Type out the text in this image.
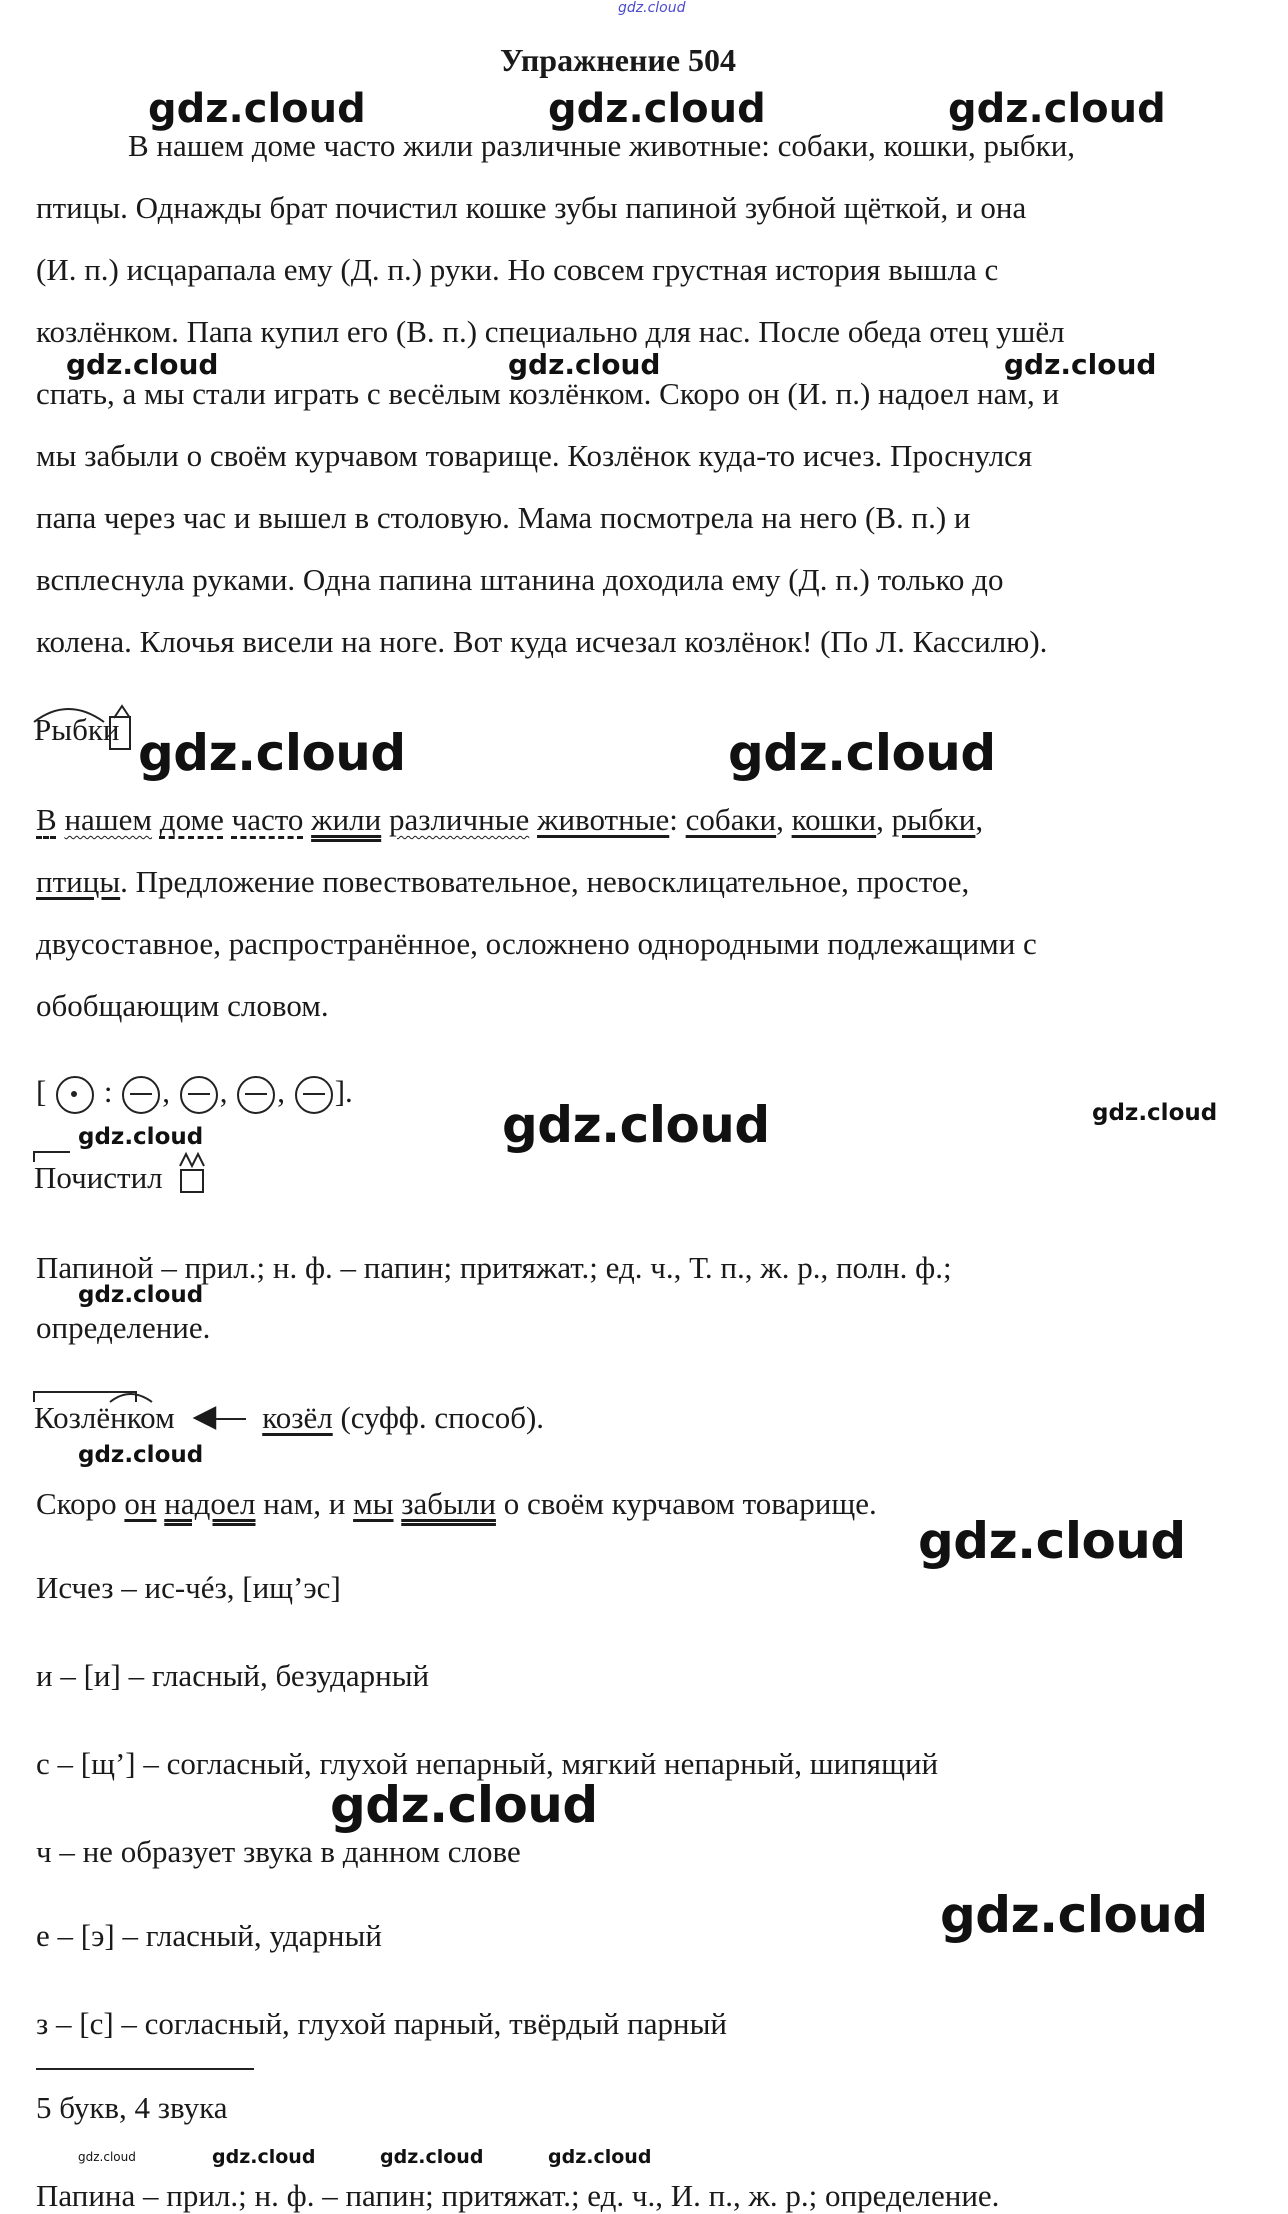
gdz.cloud
Упражнение 504
В нашем доме часто жили различные животные: собаки, кошки, рыбки,
птицы. Однажды брат почистил кошке зубы папиной зубной щёткой, и она
(И. п.) исцарапала ему (Д. п.) руки. Но совсем грустная история вышла с
козлёнком. Папа купил его (В. п.) специально для нас. После обеда отец ушёл
спать, а мы стали играть с весёлым козлёнком. Скоро он (И. п.) надоел нам, и
мы забыли о своём курчавом товарище. Козлёнок куда-то исчез. Проснулся
папа через час и вышел в столовую. Мама посмотрела на него (В. п.) и
всплеснула руками. Одна папина штанина доходила ему (Д. п.) только до
колена. Клочья висели на ноге. Вот куда исчезал козлёнок! (По Л. Кассилю).
Рыбки
В нашем доме часто жили различные животные: собаки, кошки, рыбки,
птицы. Предложение повествовательное, невосклицательное, простое,
двусоставное, распространённое, осложнено однородными подлежащими с
обобщающим словом.
[ : , , , ].
Почистил
Папиной – прил.; н. ф. – папин; притяжат.; ед. ч., Т. п., ж. р., полн. ф.;
определение.
Козлёнком ◀ козёл (суфф. способ).
Скоро он надоел нам, и мы забыли о своём курчавом товарище.
Исчез – ис-чéз, [ищ’эс]
и – [и] – гласный, безударный
с – [щ’] – согласный, глухой непарный, мягкий непарный, шипящий
ч – не образует звука в данном слове
е – [э] – гласный, ударный
з – [с] – согласный, глухой парный, твёрдый парный
5 букв, 4 звука
Папина – прил.; н. ф. – папин; притяжат.; ед. ч., И. п., ж. р.; определение.
gdz.cloud	gdz.cloud	gdz.cloud
gdz.cloud	gdz.cloud	gdz.cloud
gdz.cloud	gdz.cloud
gdz.cloud	gdz.cloud
gdz.cloud
gdz.cloud
gdz.cloud
gdz.cloud
gdz.cloud
gdz.cloud
gdz.cloud	gdz.cloud	gdz.cloud	gdz.cloud
